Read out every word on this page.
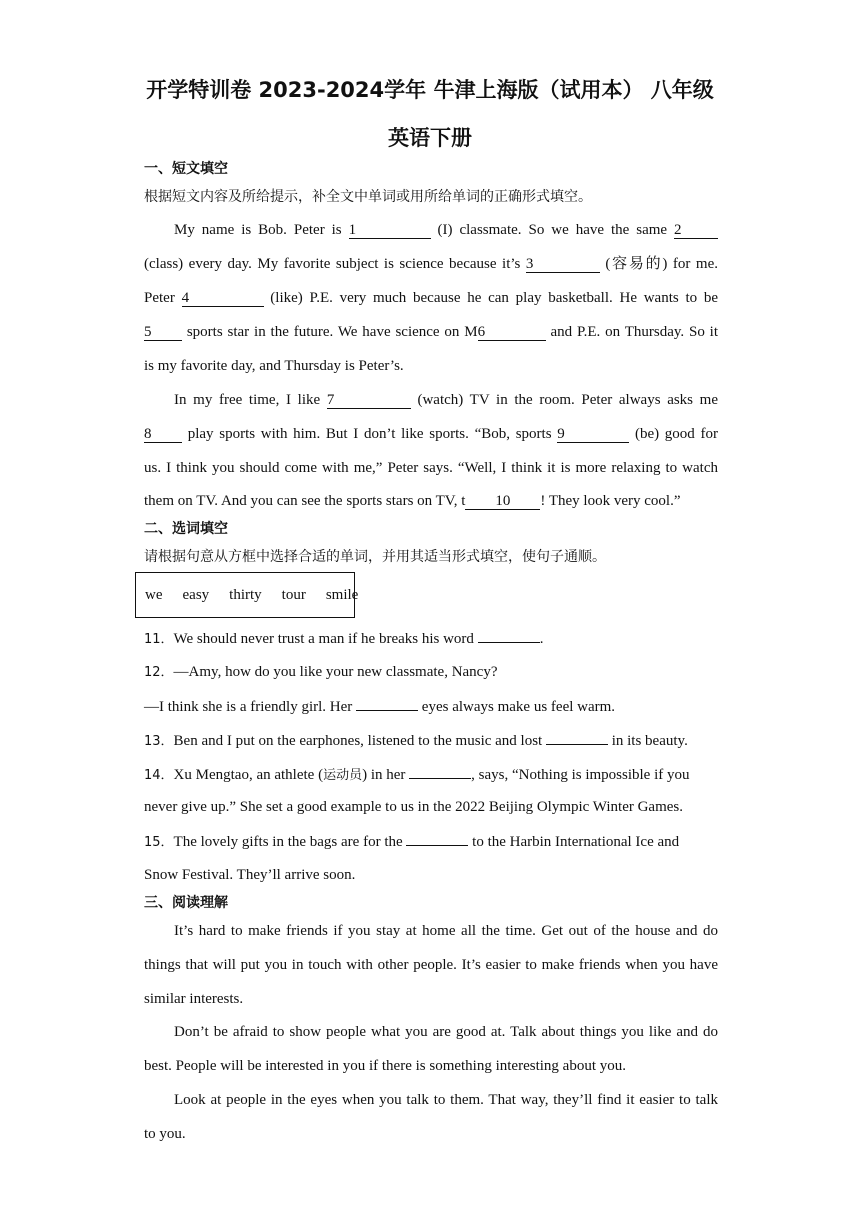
开学特训卷 2023-2024学年 牛津上海版（试用本） 八年级
英语下册
一、短文填空
根据短文内容及所给提示，补全文中单词或用所给单词的正确形式填空。
My name is Bob. Peter is 1	(I) classmate. So we have the same 2
(class) every day. My favorite subject is science because it’s 3	(容易的) for me.
Peter 4	(like) P.E. very much because he can play basketball. He wants to be
5 sports star in the future. We have science on M6	and P.E. on Thursday. So it
is my favorite day, and Thursday is Peter’s.
In my free time, I like 7	(watch) TV in the room. Peter always asks me
8 play sports with him. But I don’t like sports. “Bob, sports 9	(be) good for
us. I think you should come with me,” Peter says. “Well, I think it is more relaxing to watch
them on TV. And you can see the sports stars on TV, t 10 ! They look very cool.”
二、选词填空
请根据句意从方框中选择合适的单词，并用其适当形式填空，使句子通顺。
we easy thirty tour smile
11．We should never trust a man if he breaks his word	.
12．—Amy, how do you like your new classmate, Nancy?
—I think she is a friendly girl. Her	eyes always make us feel warm.
13．Ben and I put on the earphones, listened to the music and lost	in its beauty.
14．Xu Mengtao, an athlete (运动员) in her	, says, “Nothing is impossible if you
never give up.” She set a good example to us in the 2022 Beijing Olympic Winter Games.
15．The lovely gifts in the bags are for the	to the Harbin International Ice and
Snow Festival. They’ll arrive soon.
三、阅读理解
It’s hard to make friends if you stay at home all the time. Get out of the house and do
things that will put you in touch with other people. It’s easier to make friends when you have
similar interests.
Don’t be afraid to show people what you are good at. Talk about things you like and do
best. People will be interested in you if there is something interesting about you.
Look at people in the eyes when you talk to them. That way, they’ll find it easier to talk
to you.
